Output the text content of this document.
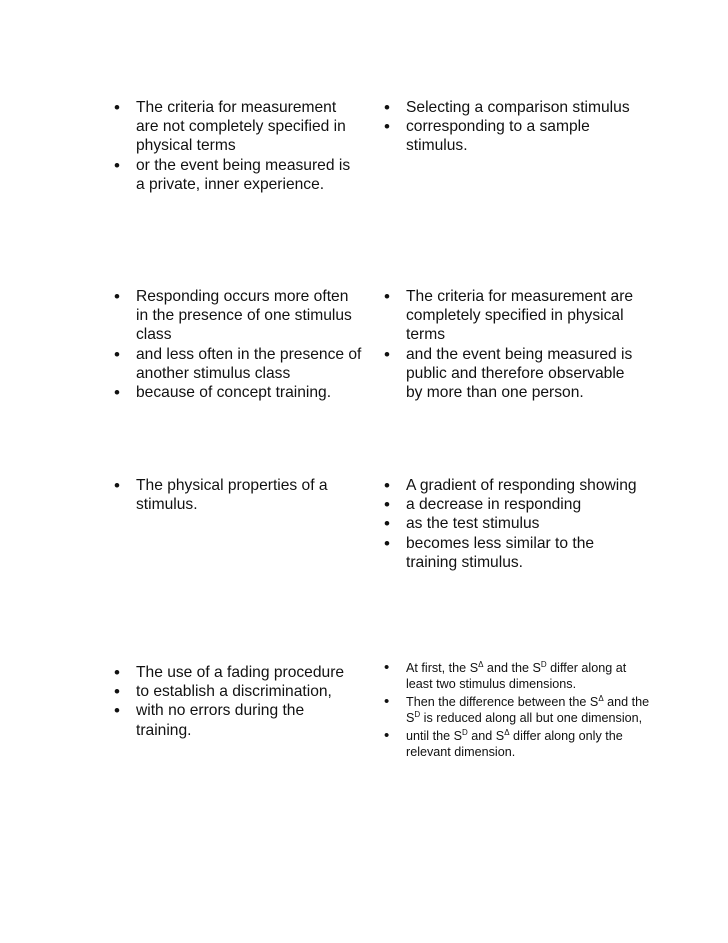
• The criteria for measurement are not completely specified in physical terms
• or the event being measured is a private, inner experience.
• Selecting a comparison stimulus
• corresponding to a sample stimulus.
• Responding occurs more often in the presence of one stimulus class
• and less often in the presence of another stimulus class
• because of concept training.
• The criteria for measurement are completely specified in physical terms
• and the event being measured is public and therefore observable by more than one person.
• The physical properties of a stimulus.
• A gradient of responding showing
• a decrease in responding
• as the test stimulus
• becomes less similar to the training stimulus.
• The use of a fading procedure
• to establish a discrimination,
• with no errors during the training.
• At first, the $S^\Delta$ and the $S^D$ differ along at least two stimulus dimensions.
• Then the difference between the $S^\Delta$ and the $S^D$ is reduced along all but one dimension,
• until the $S^D$ and $S^\Delta$ differ along only the relevant dimension.
